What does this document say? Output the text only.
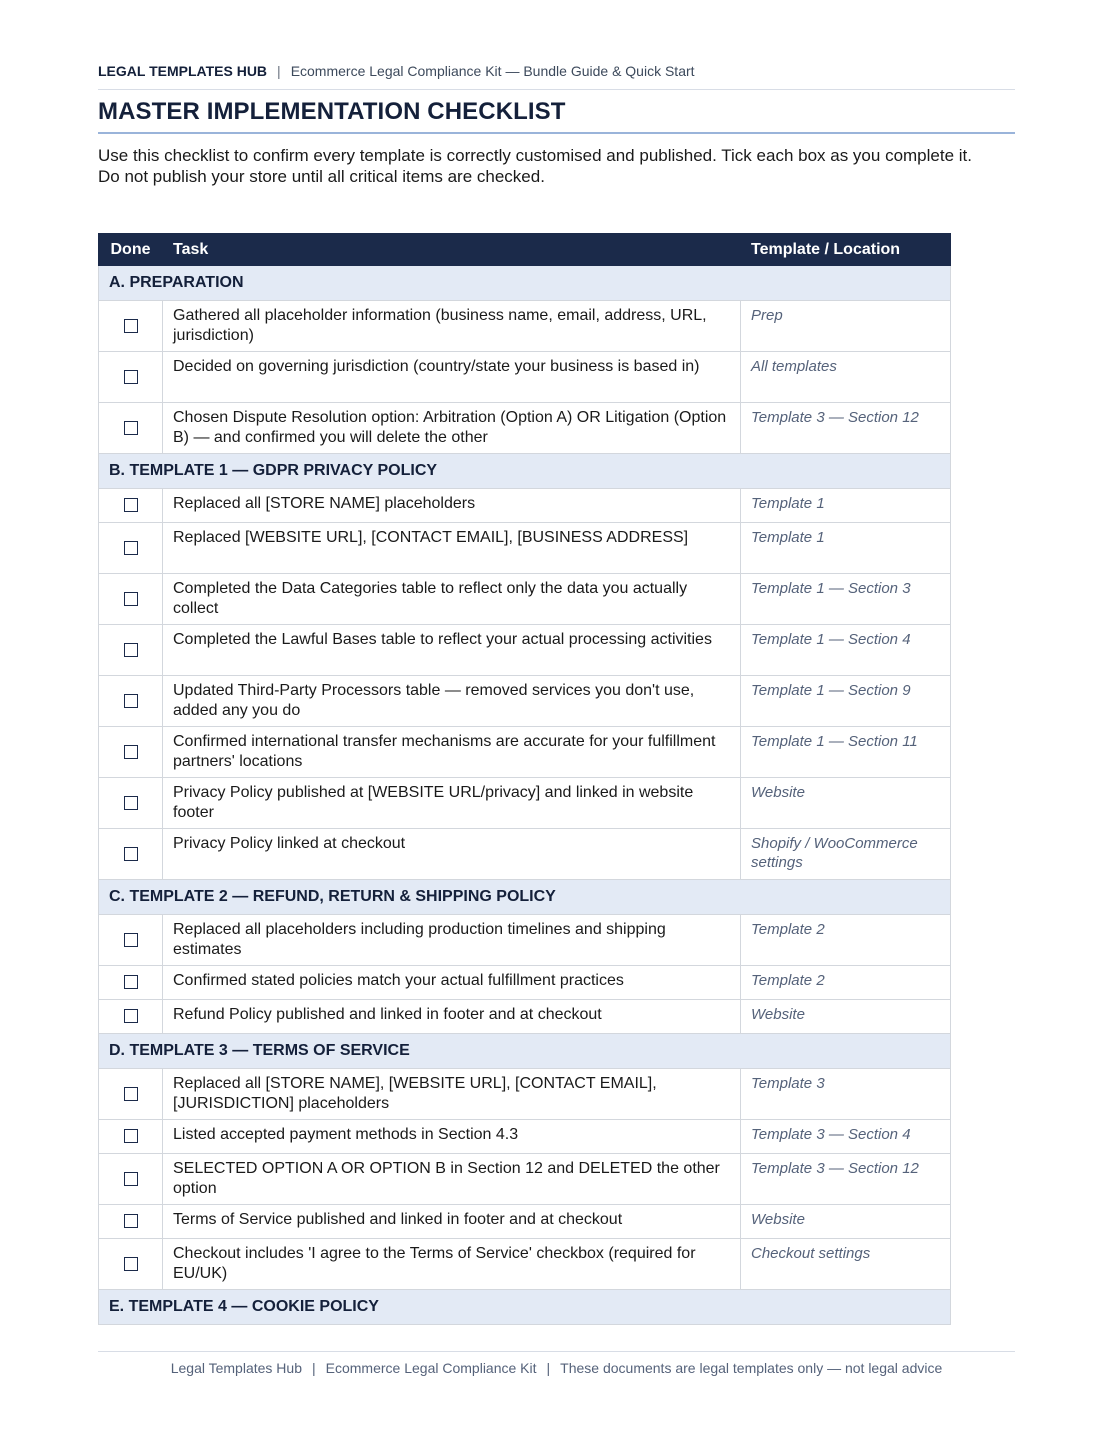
LEGAL TEMPLATES HUB | Ecommerce Legal Compliance Kit — Bundle Guide & Quick Start
MASTER IMPLEMENTATION CHECKLIST

Use this checklist to confirm every template is correctly customised and published. Tick each box as you complete it.

Do not publish your store until all critical items are checked.

Done	Task	Template / Location
A. PREPARATION		
	Gathered all placeholder information (business name, email, address, URL, jurisdiction)	Prep
	Decided on governing jurisdiction (country/state your business is based in)	All templates
	Chosen Dispute Resolution option: Arbitration (Option A) OR Litigation (Option B) — and confirmed you will delete the other	Template 3 — Section 12
B. TEMPLATE 1 — GDPR PRIVACY POLICY		
	Replaced all [STORE NAME] placeholders	Template 1
	Replaced [WEBSITE URL], [CONTACT EMAIL], [BUSINESS ADDRESS]	Template 1
	Completed the Data Categories table to reflect only the data you actually collect	Template 1 — Section 3
	Completed the Lawful Bases table to reflect your actual processing activities	Template 1 — Section 4
	Updated Third-Party Processors table — removed services you don't use, added any you do	Template 1 — Section 9
	Confirmed international transfer mechanisms are accurate for your fulfillment partners' locations	Template 1 — Section 11
	Privacy Policy published at [WEBSITE URL/privacy] and linked in website footer	Website
	Privacy Policy linked at checkout	Shopify / WooCommerce settings
C. TEMPLATE 2 — REFUND, RETURN & SHIPPING POLICY		
	Replaced all placeholders including production timelines and shipping estimates	Template 2
	Confirmed stated policies match your actual fulfillment practices	Template 2
	Refund Policy published and linked in footer and at checkout	Website
D. TEMPLATE 3 — TERMS OF SERVICE		
	Replaced all [STORE NAME], [WEBSITE URL], [CONTACT EMAIL], [JURISDICTION] placeholders	Template 3
	Listed accepted payment methods in Section 4.3	Template 3 — Section 4
	SELECTED OPTION A OR OPTION B in Section 12 and DELETED the other option	Template 3 — Section 12
	Terms of Service published and linked in footer and at checkout	Website
	Checkout includes 'I agree to the Terms of Service' checkbox (required for EU/UK)	Checkout settings
E. TEMPLATE 4 — COOKIE POLICY		
Legal Templates Hub | Ecommerce Legal Compliance Kit | These documents are legal templates only — not legal advice
